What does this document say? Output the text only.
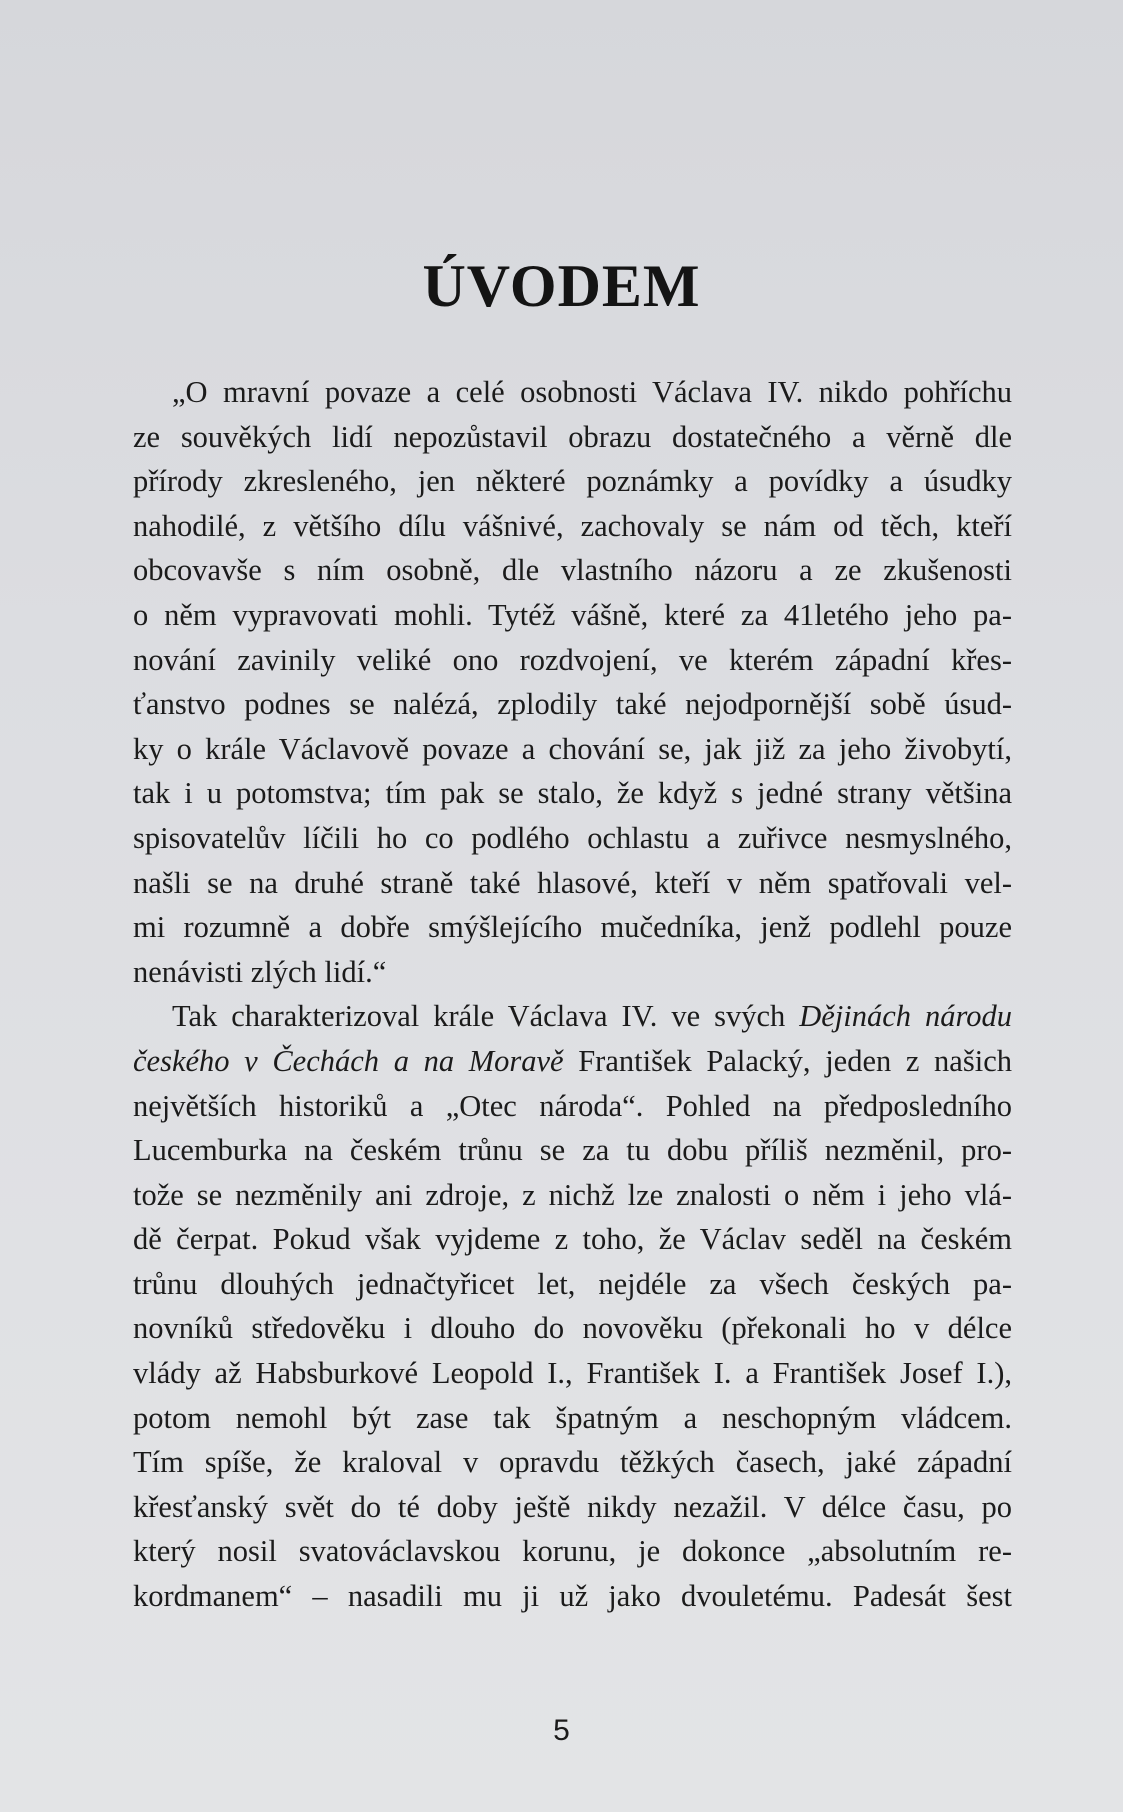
ÚVODEM
„O mravní povaze a celé osobnosti Václava IV. nikdo pohříchu
ze souvěkých lidí nepozůstavil obrazu dostatečného a věrně dle
přírody zkresleného, jen některé poznámky a povídky a úsudky
nahodilé, z většího dílu vášnivé, zachovaly se nám od těch, kteří
obcovavše s ním osobně, dle vlastního názoru a ze zkušenosti
o něm vypravovati mohli. Tytéž vášně, které za 41letého jeho pa-
nování zavinily veliké ono rozdvojení, ve kterém západní křes-
ťanstvo podnes se nalézá, zplodily také nejodpornější sobě úsud-
ky o krále Václavově povaze a chování se, jak již za jeho živobytí,
tak i u potomstva; tím pak se stalo, že když s jedné strany většina
spisovatelův líčili ho co podlého ochlastu a zuřivce nesmyslného,
našli se na druhé straně také hlasové, kteří v něm spatřovali vel-
mi rozumně a dobře smýšlejícího mučedníka, jenž podlehl pouze
nenávisti zlých lidí.“
Tak charakterizoval krále Václava IV. ve svých Dějinách národu
českého v Čechách a na Moravě František Palacký, jeden z našich
největších historiků a „Otec národa“. Pohled na předposledního
Lucemburka na českém trůnu se za tu dobu příliš nezměnil, pro-
tože se nezměnily ani zdroje, z nichž lze znalosti o něm i jeho vlá-
dě čerpat. Pokud však vyjdeme z toho, že Václav seděl na českém
trůnu dlouhých jednačtyřicet let, nejdéle za všech českých pa-
novníků středověku i dlouho do novověku (překonali ho v délce
vlády až Habsburkové Leopold I., František I. a František Josef I.),
potom nemohl být zase tak špatným a neschopným vládcem.
Tím spíše, že kraloval v opravdu těžkých časech, jaké západní
křesťanský svět do té doby ještě nikdy nezažil. V délce času, po
který nosil svatováclavskou korunu, je dokonce „absolutním re-
kordmanem“ – nasadili mu ji už jako dvouletému. Padesát šest
5
